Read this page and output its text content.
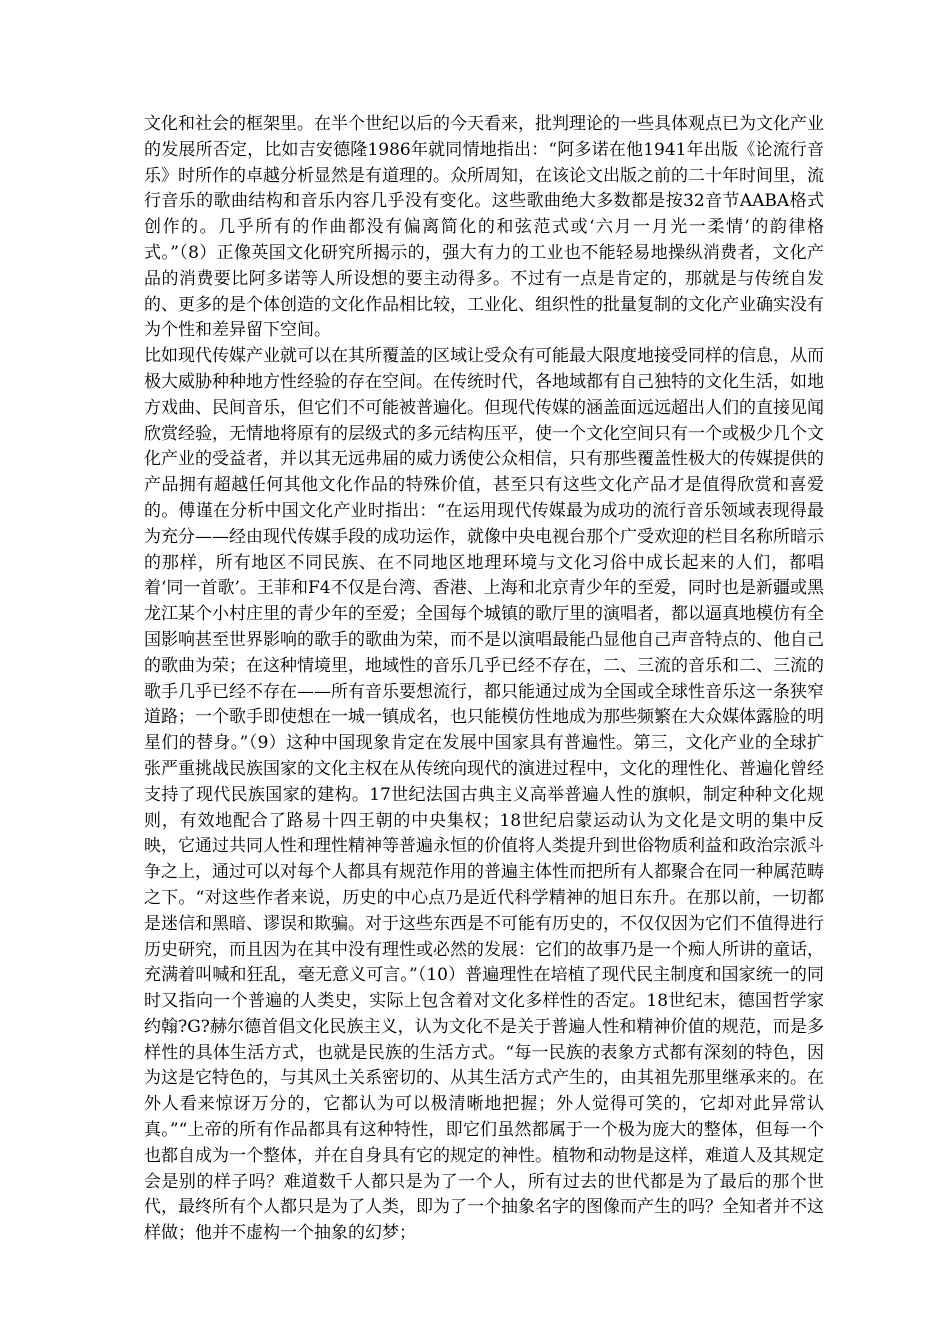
文化和社会的框架里。在半个世纪以后的今天看来，批判理论的一些具体观点已为文化产业的发展所否定，比如吉安德隆1986年就同情地指出：“阿多诺在他1941年出版《论流行音乐》时所作的卓越分析显然是有道理的。众所周知，在该论文出版之前的二十年时间里，流行音乐的歌曲结构和音乐内容几乎没有变化。这些歌曲绝大多数都是按32音节AABA格式创作的。几乎所有的作曲都没有偏离简化的和弦范式或‘六月一月光一柔情’的韵律格式。”（8）正像英国文化研究所揭示的，强大有力的工业也不能轻易地操纵消费者，文化产品的消费要比阿多诺等人所设想的要主动得多。不过有一点是肯定的，那就是与传统自发的、更多的是个体创造的文化作品相比较，工业化、组织性的批量复制的文化产业确实没有为个性和差异留下空间。

比如现代传媒产业就可以在其所覆盖的区域让受众有可能最大限度地接受同样的信息，从而极大威胁种种地方性经验的存在空间。在传统时代，各地域都有自己独特的文化生活，如地方戏曲、民间音乐，但它们不可能被普遍化。但现代传媒的涵盖面远远超出人们的直接见闻欣赏经验，无情地将原有的层级式的多元结构压平，使一个文化空间只有一个或极少几个文化产业的受益者，并以其无远弗届的威力诱使公众相信，只有那些覆盖性极大的传媒提供的产品拥有超越任何其他文化作品的特殊价值，甚至只有这些文化产品才是值得欣赏和喜爱的。傅谨在分析中国文化产业时指出：“在运用现代传媒最为成功的流行音乐领域表现得最为充分——经由现代传媒手段的成功运作，就像中央电视台那个广受欢迎的栏目名称所暗示的那样，所有地区不同民族、在不同地区地理环境与文化习俗中成长起来的人们，都唱着‘同一首歌’。王菲和F4不仅是台湾、香港、上海和北京青少年的至爱，同时也是新疆或黑龙江某个小村庄里的青少年的至爱；全国每个城镇的歌厅里的演唱者，都以逼真地模仿有全国影响甚至世界影响的歌手的歌曲为荣，而不是以演唱最能凸显他自己声音特点的、他自己的歌曲为荣；在这种情境里，地域性的音乐几乎已经不存在，二、三流的音乐和二、三流的歌手几乎已经不存在——所有音乐要想流行，都只能通过成为全国或全球性音乐这一条狭窄道路；一个歌手即使想在一城一镇成名，也只能模仿性地成为那些频繁在大众媒体露脸的明星们的替身。”（9）这种中国现象肯定在发展中国家具有普遍性。第三，文化产业的全球扩张严重挑战民族国家的文化主权在从传统向现代的演进过程中，文化的理性化、普遍化曾经支持了现代民族国家的建构。17世纪法国古典主义高举普遍人性的旗帜，制定种种文化规则，有效地配合了路易十四王朝的中央集权；18世纪启蒙运动认为文化是文明的集中反映，它通过共同人性和理性精神等普遍永恒的价值将人类提升到世俗物质利益和政治宗派斗争之上，通过可以对每个人都具有规范作用的普遍主体性而把所有人都聚合在同一种属范畴之下。“对这些作者来说，历史的中心点乃是近代科学精神的旭日东升。在那以前，一切都是迷信和黑暗、谬误和欺骗。对于这些东西是不可能有历史的，不仅仅因为它们不值得进行历史研究，而且因为在其中没有理性或必然的发展：它们的故事乃是一个痴人所讲的童话，充满着叫喊和狂乱，毫无意义可言。”（10）普遍理性在培植了现代民主制度和国家统一的同时又指向一个普遍的人类史，实际上包含着对文化多样性的否定。18世纪末，德国哲学家约翰?G?赫尔德首倡文化民族主义，认为文化不是关于普遍人性和精神价值的规范，而是多样性的具体生活方式，也就是民族的生活方式。“每一民族的表象方式都有深刻的特色，因为这是它特色的，与其风土关系密切的、从其生活方式产生的，由其祖先那里继承来的。在外人看来惊讶万分的，它都认为可以极清晰地把握；外人觉得可笑的，它却对此异常认真。”“上帝的所有作品都具有这种特性，即它们虽然都属于一个极为庞大的整体，但每一个也都自成为一个整体，并在自身具有它的规定的神性。植物和动物是这样，难道人及其规定会是别的样子吗？难道数千人都只是为了一个人，所有过去的世代都是为了最后的那个世代，最终所有个人都只是为了人类，即为了一个抽象名字的图像而产生的吗？全知者并不这样做；他并不虚构一个抽象的幻梦；
